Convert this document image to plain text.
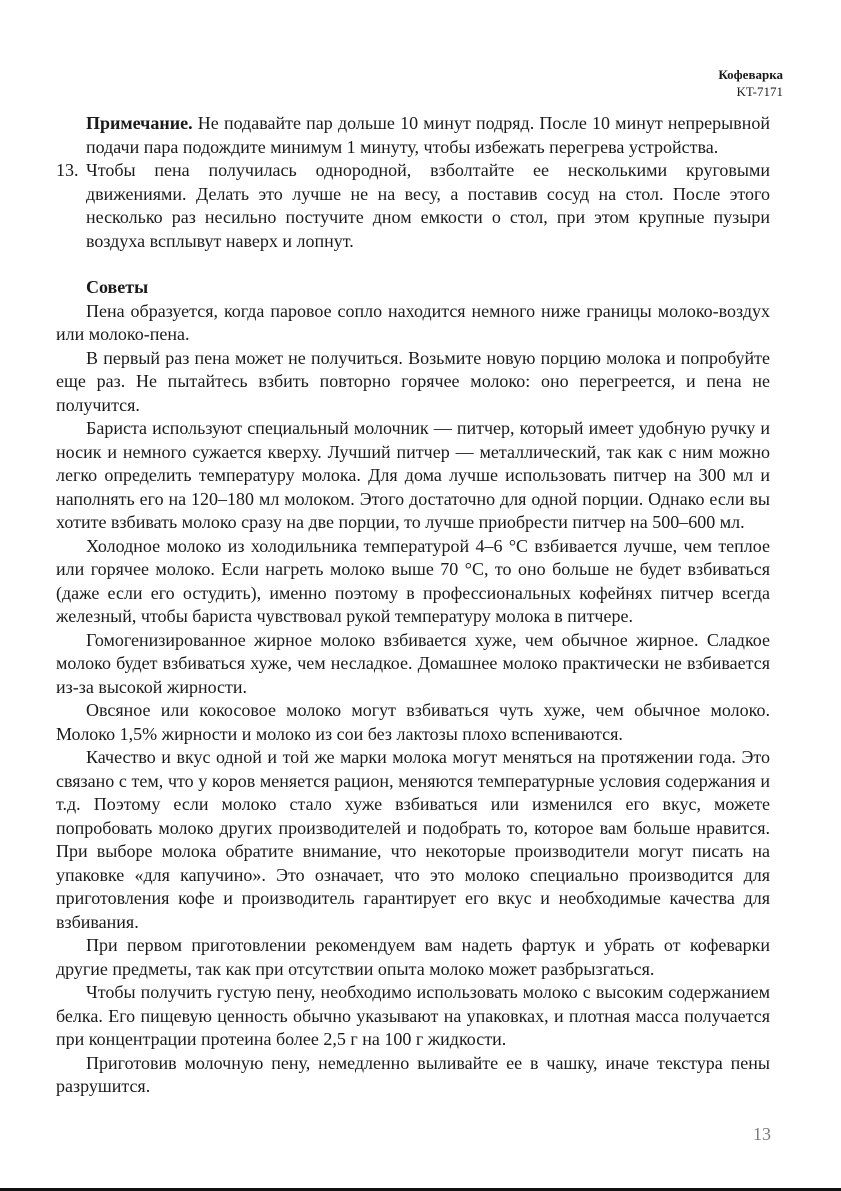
Кофеварка
KT-7171

Примечание. Не подавайте пар дольше 10 минут подряд. После 10 минут непрерывной подачи пара подождите минимум 1 минуту, чтобы избежать перегрева устройства.

13. Чтобы пена получилась однородной, взболтайте ее несколькими круговыми движениями. Делать это лучше не на весу, а поставив сосуд на стол. После этого несколько раз несильно постучите дном емкости о стол, при этом крупные пузыри воздуха всплывут наверх и лопнут.

Советы

Пена образуется, когда паровое сопло находится немного ниже границы молоко-воздух или молоко-пена.

В первый раз пена может не получиться. Возьмите новую порцию молока и попробуйте еще раз. Не пытайтесь взбить повторно горячее молоко: оно перегреется, и пена не получится.

Бариста используют специальный молочник — питчер, который имеет удобную ручку и носик и немного сужается кверху. Лучший питчер — металлический, так как с ним можно легко определить температуру молока. Для дома лучше использовать питчер на 300 мл и наполнять его на 120–180 мл молоком. Этого достаточно для одной порции. Однако если вы хотите взбивать молоко сразу на две порции, то лучше приобрести питчер на 500–600 мл.

Холодное молоко из холодильника температурой 4–6 °С взбивается лучше, чем теплое или горячее молоко. Если нагреть молоко выше 70 °С, то оно больше не будет взбиваться (даже если его остудить), именно поэтому в профессиональных кофейнях питчер всегда железный, чтобы бариста чувствовал рукой температуру молока в питчере.

Гомогенизированное жирное молоко взбивается хуже, чем обычное жирное. Сладкое молоко будет взбиваться хуже, чем несладкое. Домашнее молоко практически не взбивается из-за высокой жирности.

Овсяное или кокосовое молоко могут взбиваться чуть хуже, чем обычное молоко. Молоко 1,5% жирности и молоко из сои без лактозы плохо вспениваются.

Качество и вкус одной и той же марки молока могут меняться на протяжении года. Это связано с тем, что у коров меняется рацион, меняются температурные условия содержания и т.д. Поэтому если молоко стало хуже взбиваться или изменился его вкус, можете попробовать молоко других производителей и подобрать то, которое вам больше нравится. При выборе молока обратите внимание, что некоторые производители могут писать на упаковке «для капучино». Это означает, что это молоко специально производится для приготовления кофе и производитель гарантирует его вкус и необходимые качества для взбивания.

При первом приготовлении рекомендуем вам надеть фартук и убрать от кофеварки другие предметы, так как при отсутствии опыта молоко может разбрызгаться.

Чтобы получить густую пену, необходимо использовать молоко с высоким содержанием белка. Его пищевую ценность обычно указывают на упаковках, и плотная масса получается при концентрации протеина более 2,5 г на 100 г жидкости.

Приготовив молочную пену, немедленно выливайте ее в чашку, иначе текстура пены разрушится.

13
